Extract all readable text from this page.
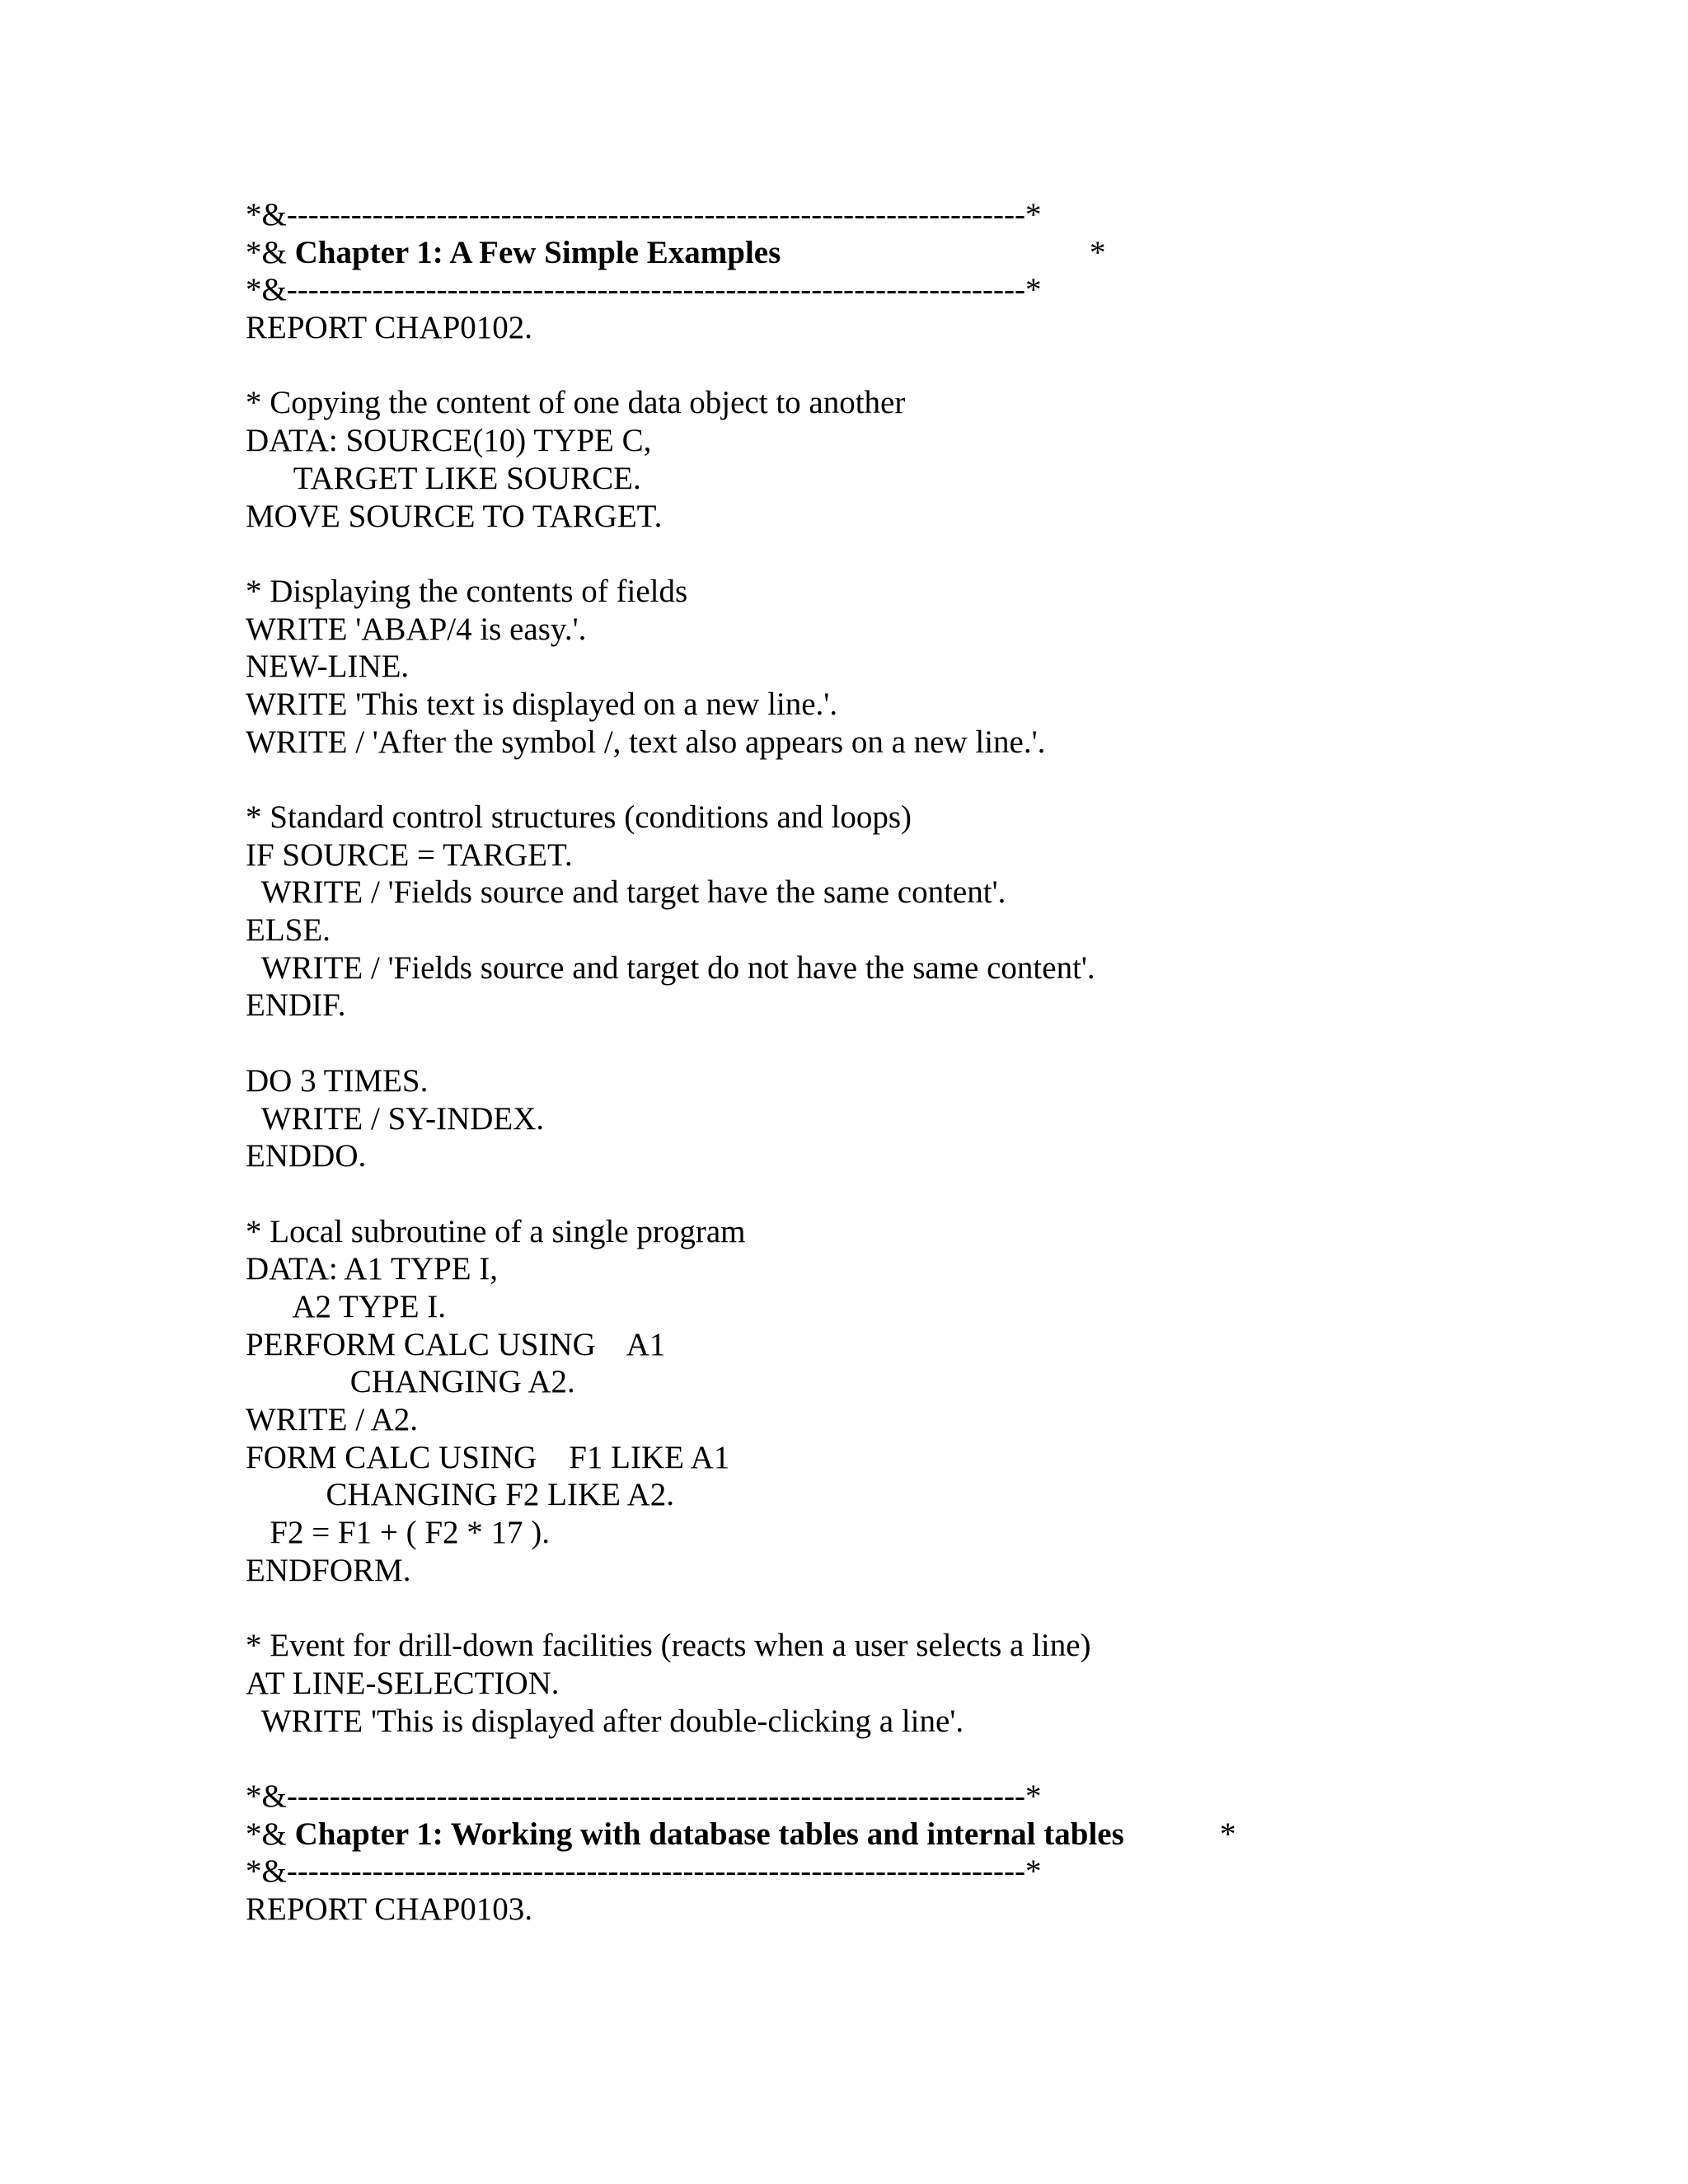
*&---------------------------------------------------------------------*
*& Chapter 1: A Few Simple Examples	*
*&---------------------------------------------------------------------*
REPORT CHAP0102.
* Copying the content of one data object to another
DATA: SOURCE(10) TYPE C,
TARGET LIKE SOURCE.
MOVE SOURCE TO TARGET.
* Displaying the contents of fields
WRITE 'ABAP/4 is easy.'.
NEW-LINE.
WRITE 'This text is displayed on a new line.'.
WRITE / 'After the symbol /, text also appears on a new line.'.
* Standard control structures (conditions and loops)
IF SOURCE = TARGET.
WRITE / 'Fields source and target have the same content'.
ELSE.
WRITE / 'Fields source and target do not have the same content'.
ENDIF.
DO 3 TIMES.
WRITE / SY-INDEX.
ENDDO.
* Local subroutine of a single program
DATA: A1 TYPE I,
A2 TYPE I.
PERFORM CALC USING    A1
CHANGING A2.
WRITE / A2.
FORM CALC USING    F1 LIKE A1
CHANGING F2 LIKE A2.
F2 = F1 + ( F2 * 17 ).
ENDFORM.
* Event for drill-down facilities (reacts when a user selects a line)
AT LINE-SELECTION.
WRITE 'This is displayed after double-clicking a line'.
*&---------------------------------------------------------------------*
*& Chapter 1: Working with database tables and internal tables	*
*&---------------------------------------------------------------------*
REPORT CHAP0103.
